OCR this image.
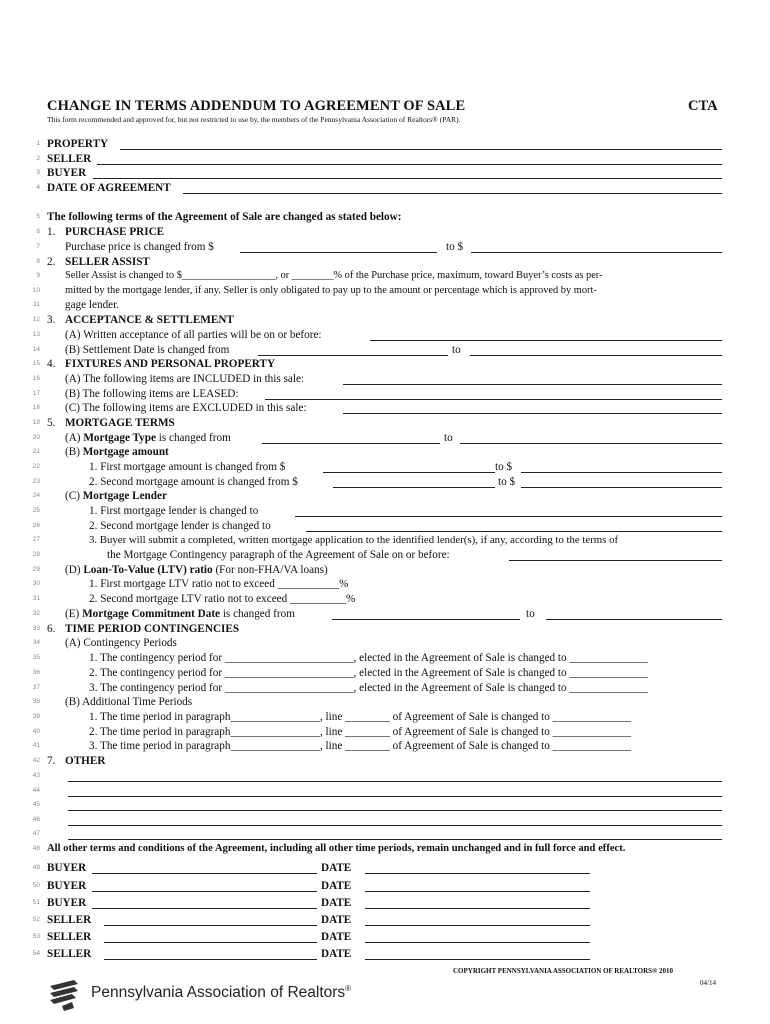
CHANGE IN TERMS ADDENDUM TO AGREEMENT OF SALE	CTA
This form recommended and approved for, but not restricted to use by, the members of the Pennsylvania Association of Realtors® (PAR).
1 PROPERTY
2 SELLER
3 BUYER
4 DATE OF AGREEMENT
5 The following terms of the Agreement of Sale are changed as stated below:
6 1. PURCHASE PRICE
7 Purchase price is changed from $	to $
8 2. SELLER ASSIST
9 Seller Assist is changed to $__________________, or ________% of the Purchase price, maximum, toward Buyer’s costs as per-
10 mitted by the mortgage lender, if any. Seller is only obligated to pay up to the amount or percentage which is approved by mort-
11 gage lender.
12 3. ACCEPTANCE & SETTLEMENT
13 (A) Written acceptance of all parties will be on or before:
14 (B) Settlement Date is changed from	to
15 4. FIXTURES AND PERSONAL PROPERTY
16 (A) The following items are INCLUDED in this sale:
17 (B) The following items are LEASED:
18 (C) The following items are EXCLUDED in this sale:
19 5. MORTGAGE TERMS
20 (A) Mortgage Type is changed from	to
21 (B) Mortgage amount
22	1. First mortgage amount is changed from $	to $
23	2. Second mortgage amount is changed from $	to $
24 (C) Mortgage Lender
25	1. First mortgage lender is changed to
26	2. Second mortgage lender is changed to
27	3. Buyer will submit a completed, written mortgage application to the identified lender(s), if any, according to the terms of
28	the Mortgage Contingency paragraph of the Agreement of Sale on or before:
29 (D) Loan-To-Value (LTV) ratio (For non-FHA/VA loans)
30	1. First mortgage LTV ratio not to exceed ___________%
31	2. Second mortgage LTV ratio not to exceed __________%
32 (E) Mortgage Commitment Date is changed from	to
33 6. TIME PERIOD CONTINGENCIES
34 (A) Contingency Periods
35	1. The contingency period for _______________________, elected in the Agreement of Sale is changed to ______________
36	2. The contingency period for _______________________, elected in the Agreement of Sale is changed to ______________
37	3. The contingency period for _______________________, elected in the Agreement of Sale is changed to ______________
38 (B) Additional Time Periods
39	1. The time period in paragraph________________, line ________ of Agreement of Sale is changed to ______________
40	2. The time period in paragraph________________, line ________ of Agreement of Sale is changed to ______________
41	3. The time period in paragraph________________, line ________ of Agreement of Sale is changed to ______________
42 7. OTHER
43
44
45
46
47
48 All other terms and conditions of the Agreement, including all other time periods, remain unchanged and in full force and effect.
49 BUYER	DATE
50 BUYER	DATE
51 BUYER	DATE
52 SELLER	DATE
53 SELLER	DATE
54 SELLER	DATE
COPYRIGHT PENNSYLVANIA ASSOCIATION OF REALTORS® 2010
04/14
Pennsylvania Association of Realtors®
